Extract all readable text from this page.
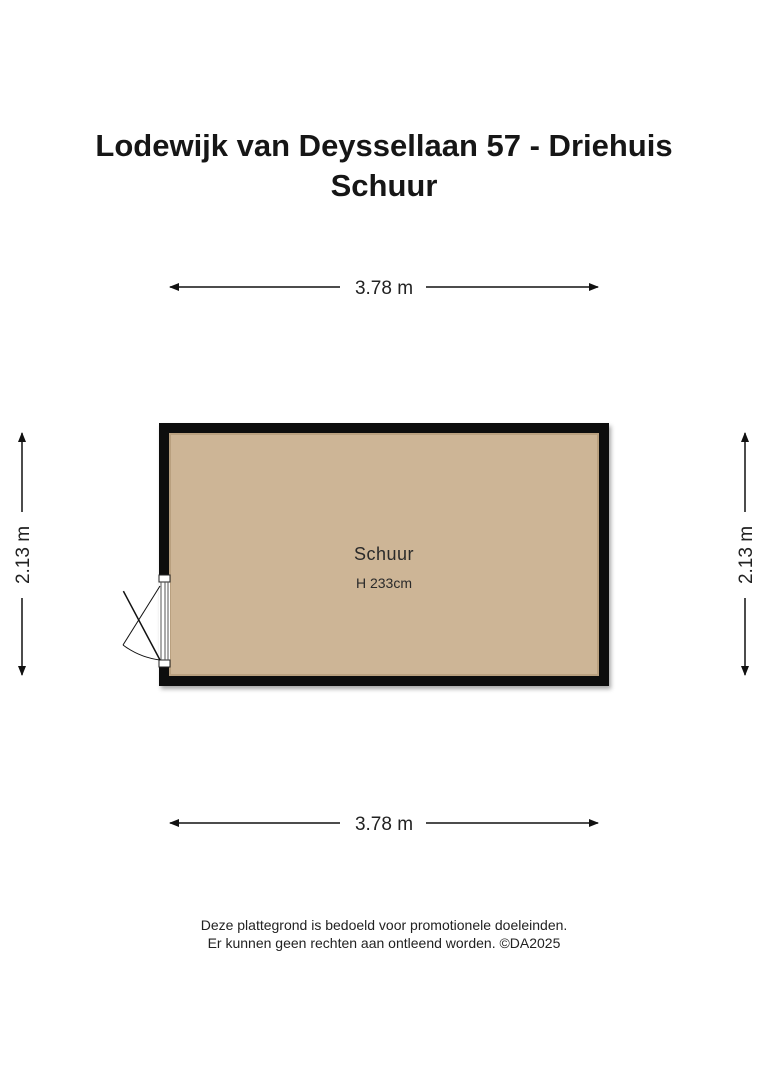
Lodewijk van Deyssellaan 57 - Driehuis
Schuur
3.78 m
3.78 m
2.13 m	2.13 m
Schuur
H 233cm
Deze plattegrond is bedoeld voor promotionele doeleinden.
Er kunnen geen rechten aan ontleend worden. ©DA2025
